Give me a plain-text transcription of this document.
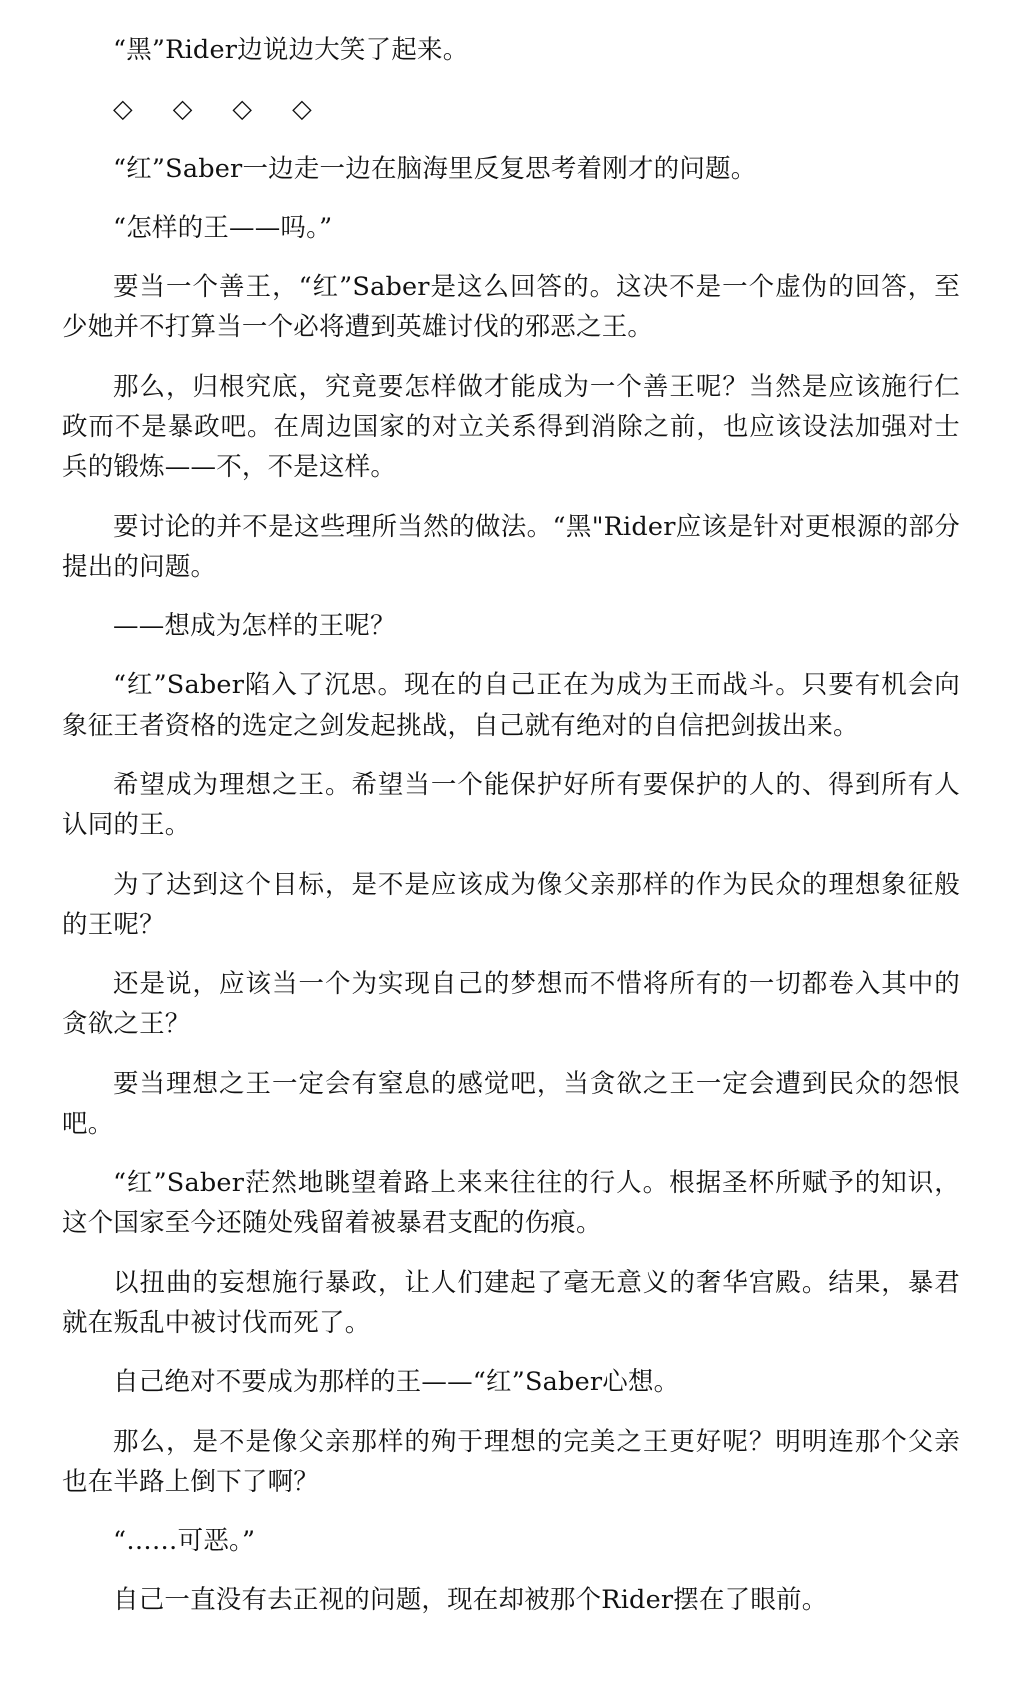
“黑”Rider边说边大笑了起来。

◇ ◇ ◇ ◇

“红”Saber一边走一边在脑海里反复思考着刚才的问题。

“怎样的王——吗。”

要当一个善王，“红”Saber是这么回答的。这决不是一个虚伪的回答，至少她并不打算当一个必将遭到英雄讨伐的邪恶之王。

那么，归根究底，究竟要怎样做才能成为一个善王呢？当然是应该施行仁政而不是暴政吧。在周边国家的对立关系得到消除之前，也应该设法加强对士兵的锻炼——不，不是这样。

要讨论的并不是这些理所当然的做法。“黑"Rider应该是针对更根源的部分提出的问题。

——想成为怎样的王呢？

“红”Saber陷入了沉思。现在的自己正在为成为王而战斗。只要有机会向象征王者资格的选定之剑发起挑战，自己就有绝对的自信把剑拔出来。

希望成为理想之王。希望当一个能保护好所有要保护的人的、得到所有人认同的王。

为了达到这个目标，是不是应该成为像父亲那样的作为民众的理想象征般的王呢？

还是说，应该当一个为实现自己的梦想而不惜将所有的一切都卷入其中的贪欲之王？

要当理想之王一定会有窒息的感觉吧，当贪欲之王一定会遭到民众的怨恨吧。

“红”Saber茫然地眺望着路上来来往往的行人。根据圣杯所赋予的知识，这个国家至今还随处残留着被暴君支配的伤痕。

以扭曲的妄想施行暴政，让人们建起了毫无意义的奢华宫殿。结果，暴君就在叛乱中被讨伐而死了。

自己绝对不要成为那样的王——“红”Saber心想。

那么，是不是像父亲那样的殉于理想的完美之王更好呢？明明连那个父亲也在半路上倒下了啊？

“……可恶。”

自己一直没有去正视的问题，现在却被那个Rider摆在了眼前。
